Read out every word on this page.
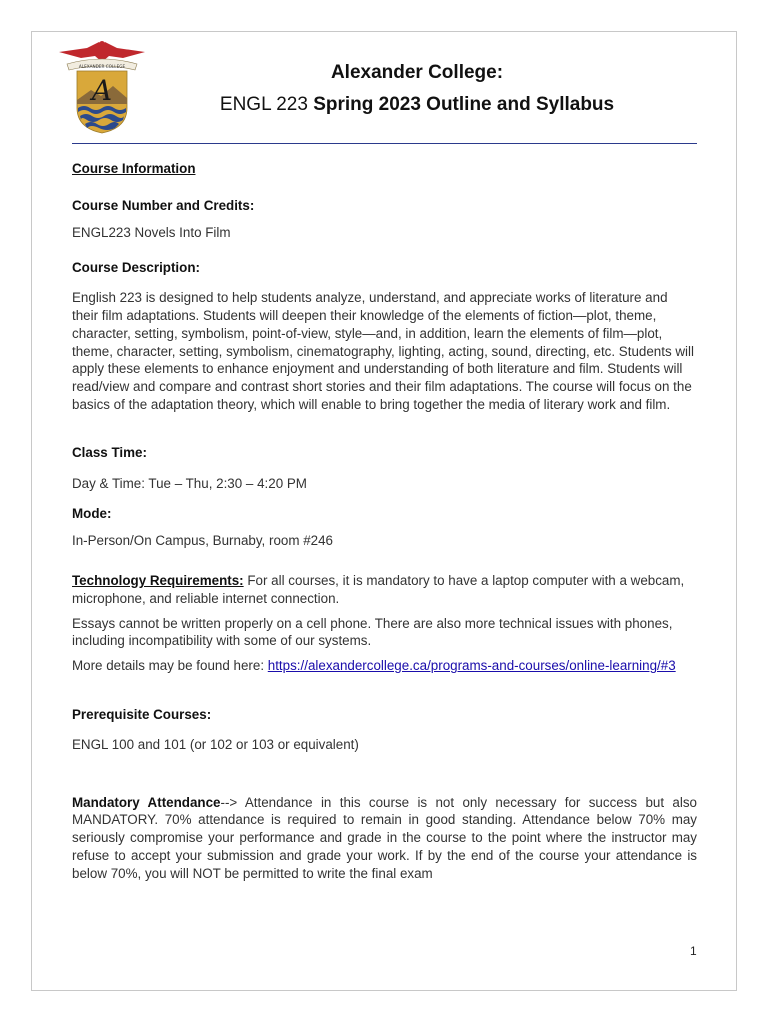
ALEXANDER COLLEGE
A
Alexander College:
ENGL 223 Spring 2023 Outline and Syllabus

Course Information

Course Number and Credits:

ENGL223 Novels Into Film

Course Description:

English 223 is designed to help students analyze, understand, and appreciate works of literature and their film adaptations. Students will deepen their knowledge of the elements of fiction—plot, theme, character, setting, symbolism, point-of-view, style—and, in addition, learn the elements of film—plot, theme, character, setting, symbolism, cinematography, lighting, acting, sound, directing, etc. Students will apply these elements to enhance enjoyment and understanding of both literature and film. Students will read/view and compare and contrast short stories and their film adaptations. The course will focus on the basics of the adaptation theory, which will enable to bring together the media of literary work and film.

Class Time:

Day & Time: Tue – Thu, 2:30 – 4:20 PM

Mode:

In-Person/On Campus, Burnaby, room #246

Technology Requirements: For all courses, it is mandatory to have a laptop computer with a webcam, microphone, and reliable internet connection.

Essays cannot be written properly on a cell phone. There are also more technical issues with phones, including incompatibility with some of our systems.

More details may be found here: https://alexandercollege.ca/programs-and-courses/online-learning/#3

Prerequisite Courses:

ENGL 100 and 101 (or 102 or 103 or equivalent)

Mandatory Attendance--> Attendance in this course is not only necessary for success but also MANDATORY. 70% attendance is required to remain in good standing. Attendance below 70% may seriously compromise your performance and grade in the course to the point where the instructor may refuse to accept your submission and grade your work. If by the end of the course your attendance is below 70%, you will NOT be permitted to write the final exam

1
